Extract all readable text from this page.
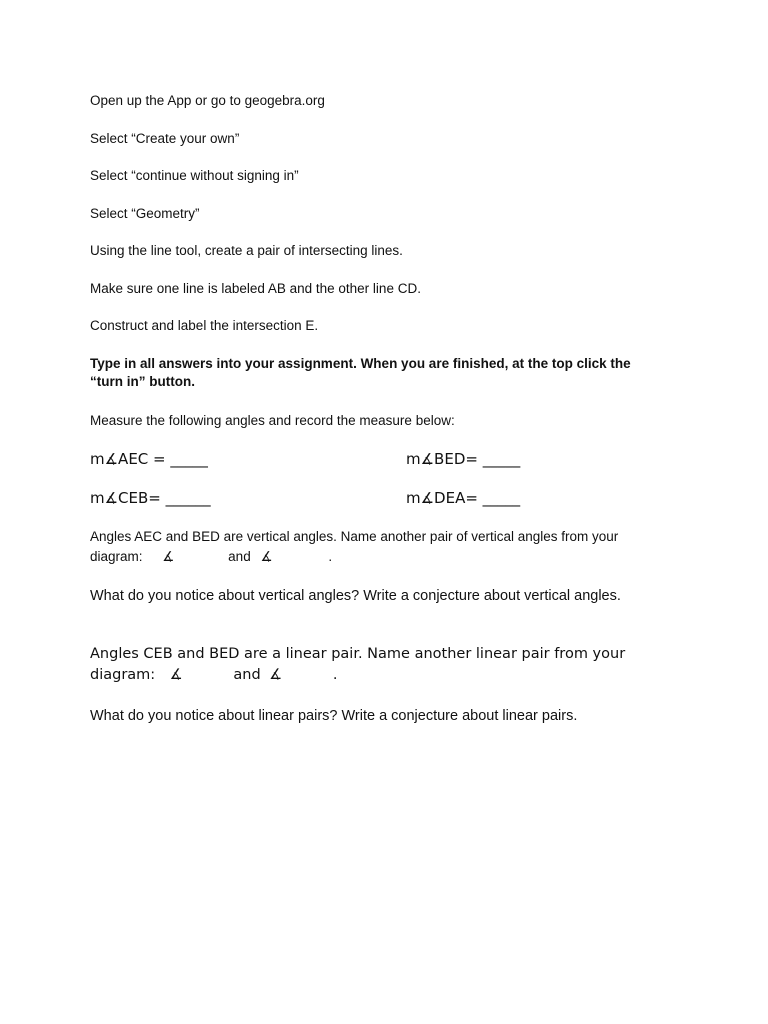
Open up the App or go to geogebra.org
Select “Create your own”
Select “continue without signing in”
Select “Geometry”
Using the line tool, create a pair of intersecting lines.
Make sure one line is labeled AB and the other line CD.
Construct and label the intersection E.
Type in all answers into your assignment. When you are finished, at the top click the
“turn in” button.
Measure the following angles and record the measure below:
m∡AEC = _____	m∡BED= _____
m∡CEB= ______	m∡DEA= _____
Angles AEC and BED are vertical angles. Name another pair of vertical angles from your
diagram: ∡	and ∡	.
What do you notice about vertical angles? Write a conjecture about vertical angles.
Angles CEB and BED are a linear pair. Name another linear pair from your
diagram: ∡	and ∡	.
What do you notice about linear pairs? Write a conjecture about linear pairs.
